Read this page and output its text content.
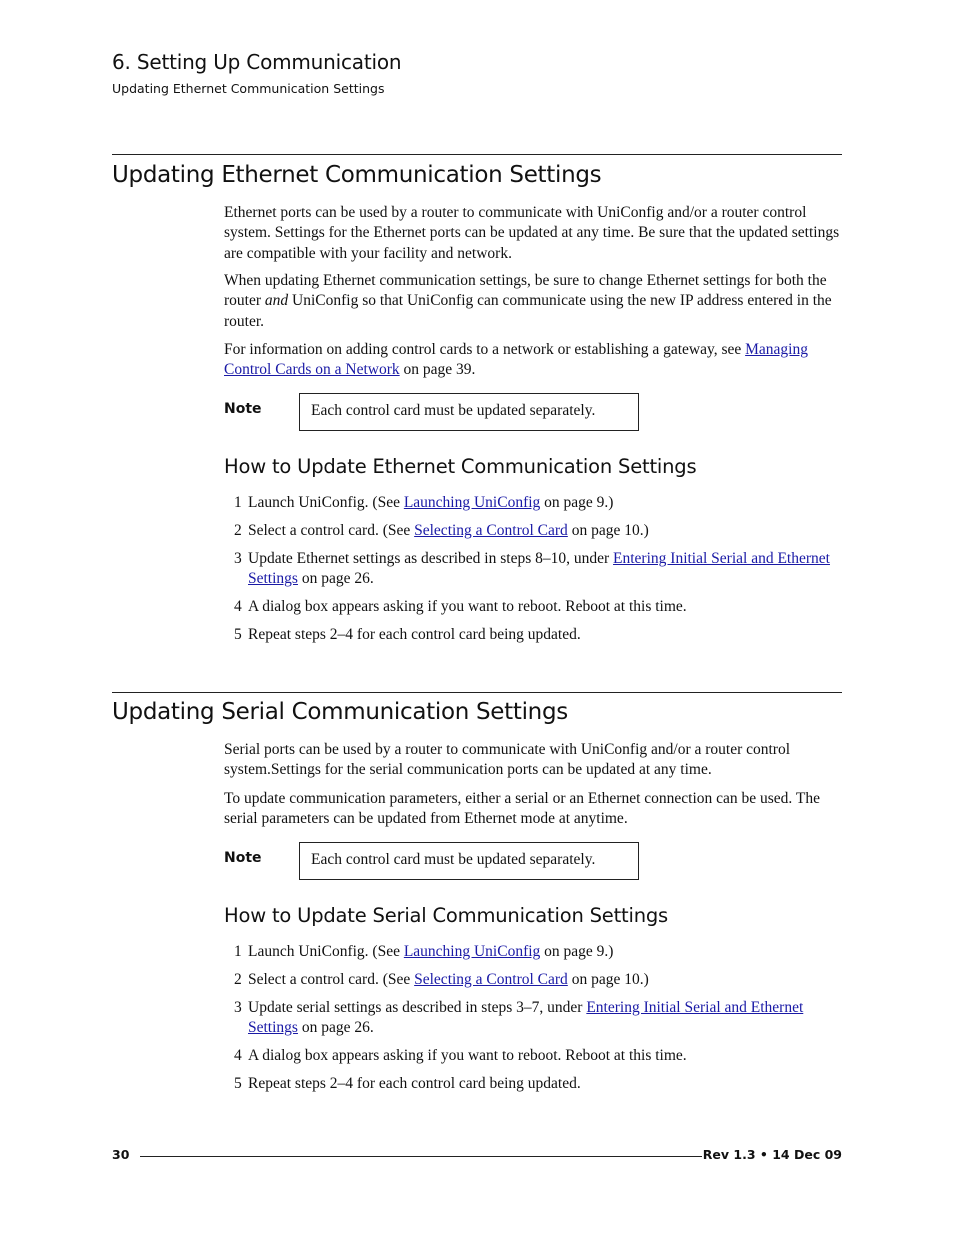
6. Setting Up Communication
Updating Ethernet Communication Settings
Updating Ethernet Communication Settings

Ethernet ports can be used by a router to communicate with UniConfig and/or a router control system. Settings for the Ethernet ports can be updated at any time. Be sure that the updated settings are compatible with your facility and network.

When updating Ethernet communication settings, be sure to change Ethernet settings for both the router and UniConfig so that UniConfig can communicate using the new IP address entered in the router.

For information on adding control cards to a network or establishing a gateway, see Managing Control Cards on a Network on page 39.

Note	Each control card must be updated separately.
How to Update Ethernet Communication Settings
1 Launch UniConfig. (See Launching UniConfig on page 9.)
2 Select a control card. (See Selecting a Control Card on page 10.)
3 Update Ethernet settings as described in steps 8–10, under Entering Initial Serial and Ethernet Settings on page 26.
4 A dialog box appears asking if you want to reboot. Reboot at this time.
5 Repeat steps 2–4 for each control card being updated.
Updating Serial Communication Settings

Serial ports can be used by a router to communicate with UniConfig and/or a router control system.Settings for the serial communication ports can be updated at any time.

To update communication parameters, either a serial or an Ethernet connection can be used. The serial parameters can be updated from Ethernet mode at anytime.

Note	Each control card must be updated separately.
How to Update Serial Communication Settings
1 Launch UniConfig. (See Launching UniConfig on page 9.)
2 Select a control card. (See Selecting a Control Card on page 10.)
3 Update serial settings as described in steps 3–7, under Entering Initial Serial and Ethernet Settings on page 26.
4 A dialog box appears asking if you want to reboot. Reboot at this time.
5 Repeat steps 2–4 for each control card being updated.
30	Rev 1.3 • 14 Dec 09
